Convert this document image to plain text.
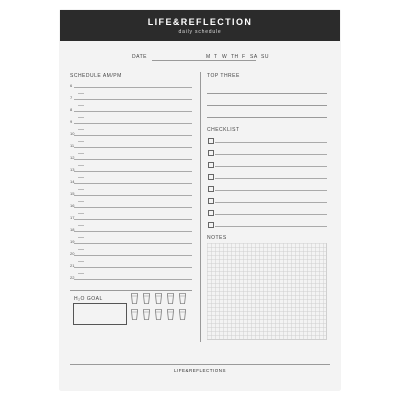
LIFE&REFLECTION
daily schedule
DATE	M T W TH F SA SU
SCHEDULE AM/PM
6
7
8
9
10
11
12
13
14
15
16
17
18
19
20
21
22
TOP THREE
CHECKLIST
NOTES
H₂O GOAL
LIFE&REFLECTIONS
